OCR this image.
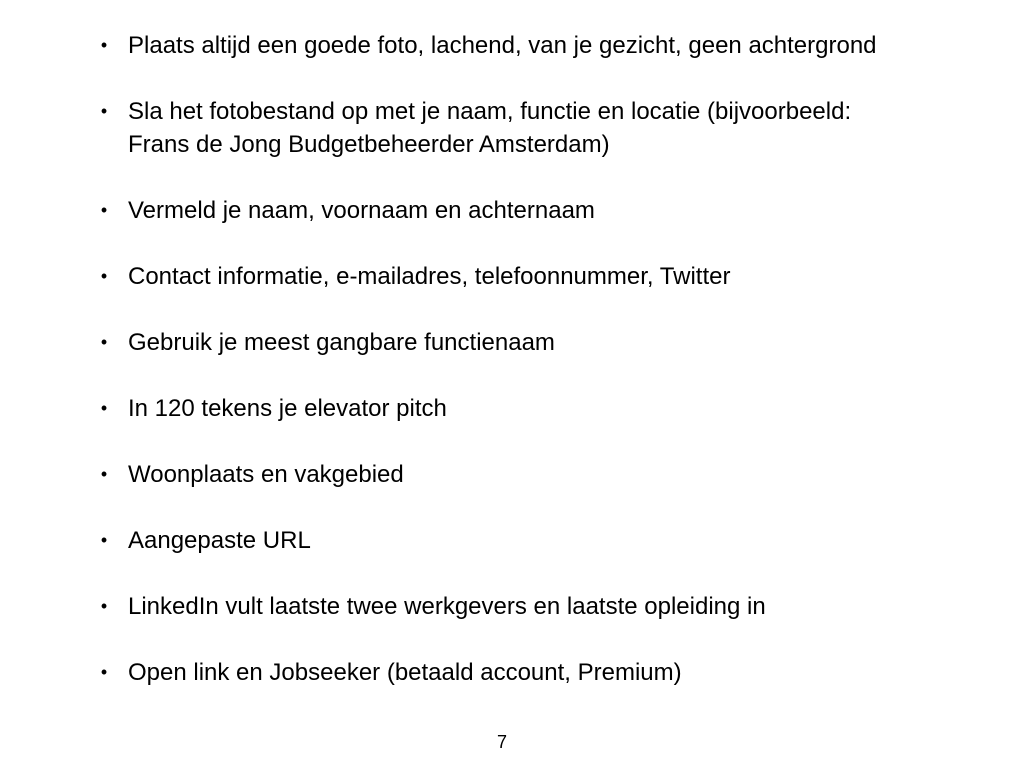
• Plaats altijd een goede foto, lachend, van je gezicht, geen achtergrond
• Sla het fotobestand op met je naam, functie en locatie (bijvoorbeeld: Frans de Jong Budgetbeheerder Amsterdam)
• Vermeld je naam, voornaam en achternaam
• Contact informatie, e-mailadres, telefoonnummer, Twitter
• Gebruik je meest gangbare functienaam
• In 120 tekens je elevator pitch
• Woonplaats en vakgebied
• Aangepaste URL
• LinkedIn vult laatste twee werkgevers en laatste opleiding in
• Open link en Jobseeker (betaald account, Premium)
7
